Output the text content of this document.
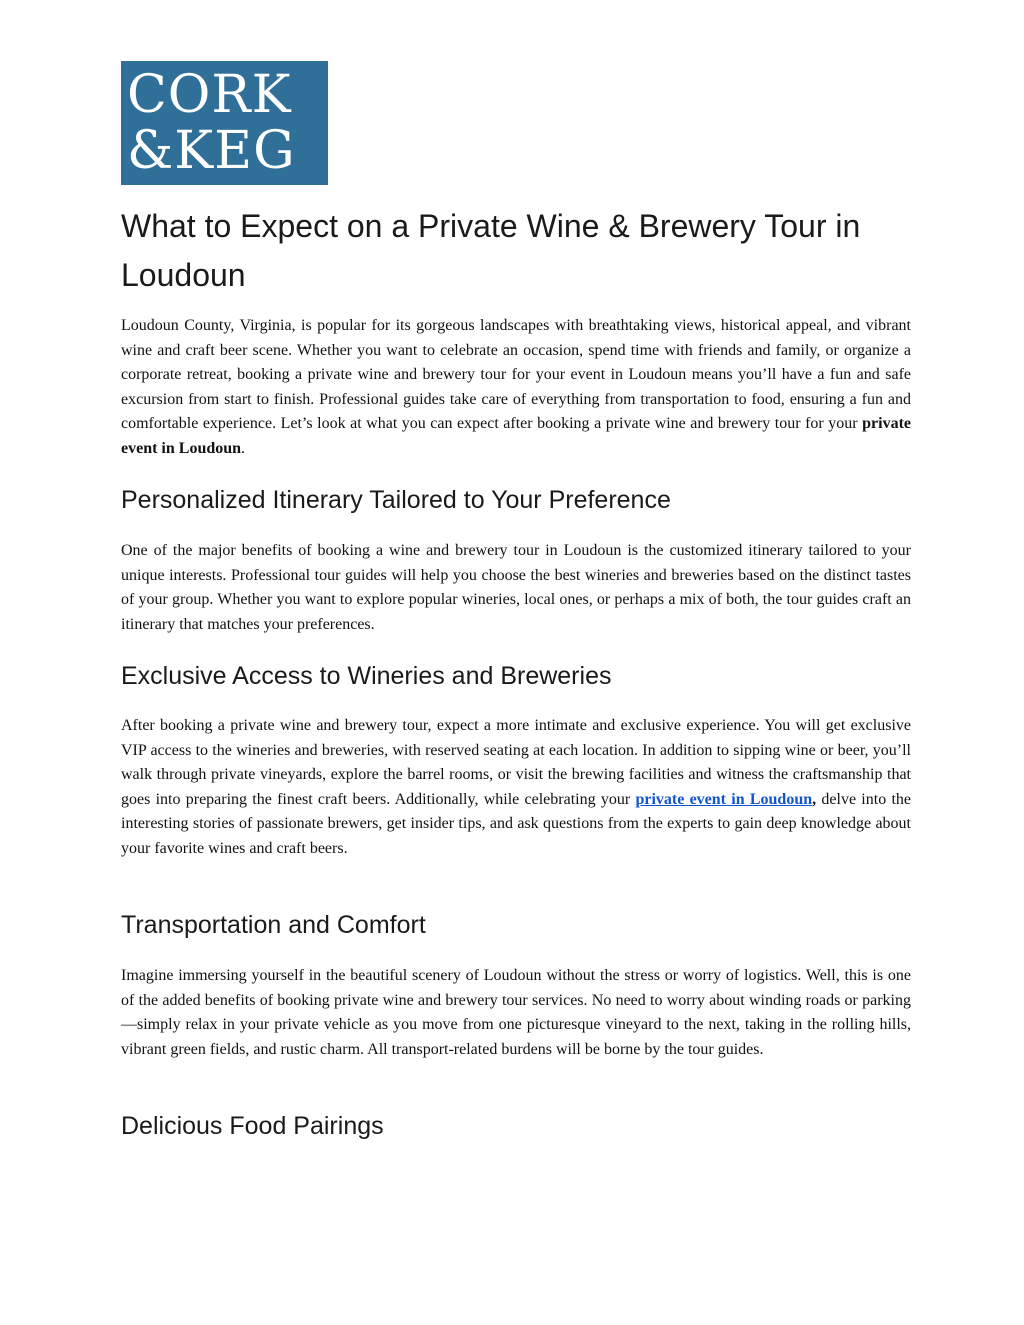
CORK
&KEG
What to Expect on a Private Wine & Brewery Tour in Loudoun

Loudoun County, Virginia, is popular for its gorgeous landscapes with breathtaking views, historical appeal, and vibrant wine and craft beer scene. Whether you want to celebrate an occasion, spend time with friends and family, or organize a corporate retreat, booking a private wine and brewery tour for your event in Loudoun means you’ll have a fun and safe excursion from start to finish. Professional guides take care of everything from transportation to food, ensuring a fun and comfortable experience. Let’s look at what you can expect after booking a private wine and brewery tour for your private event in Loudoun.

Personalized Itinerary Tailored to Your Preference

One of the major benefits of booking a wine and brewery tour in Loudoun is the customized itinerary tailored to your unique interests. Professional tour guides will help you choose the best wineries and breweries based on the distinct tastes of your group. Whether you want to explore popular wineries, local ones, or perhaps a mix of both, the tour guides craft an itinerary that matches your preferences.

Exclusive Access to Wineries and Breweries

After booking a private wine and brewery tour, expect a more intimate and exclusive experience. You will get exclusive VIP access to the wineries and breweries, with reserved seating at each location. In addition to sipping wine or beer, you’ll walk through private vineyards, explore the barrel rooms, or visit the brewing facilities and witness the craftsmanship that goes into preparing the finest craft beers. Additionally, while celebrating your private event in Loudoun, delve into the interesting stories of passionate brewers, get insider tips, and ask questions from the experts to gain deep knowledge about your favorite wines and craft beers.

Transportation and Comfort

Imagine immersing yourself in the beautiful scenery of Loudoun without the stress or worry of logistics. Well, this is one of the added benefits of booking private wine and brewery tour services. No need to worry about winding roads or parking—simply relax in your private vehicle as you move from one picturesque vineyard to the next, taking in the rolling hills, vibrant green fields, and rustic charm. All transport-related burdens will be borne by the tour guides.

Delicious Food Pairings
